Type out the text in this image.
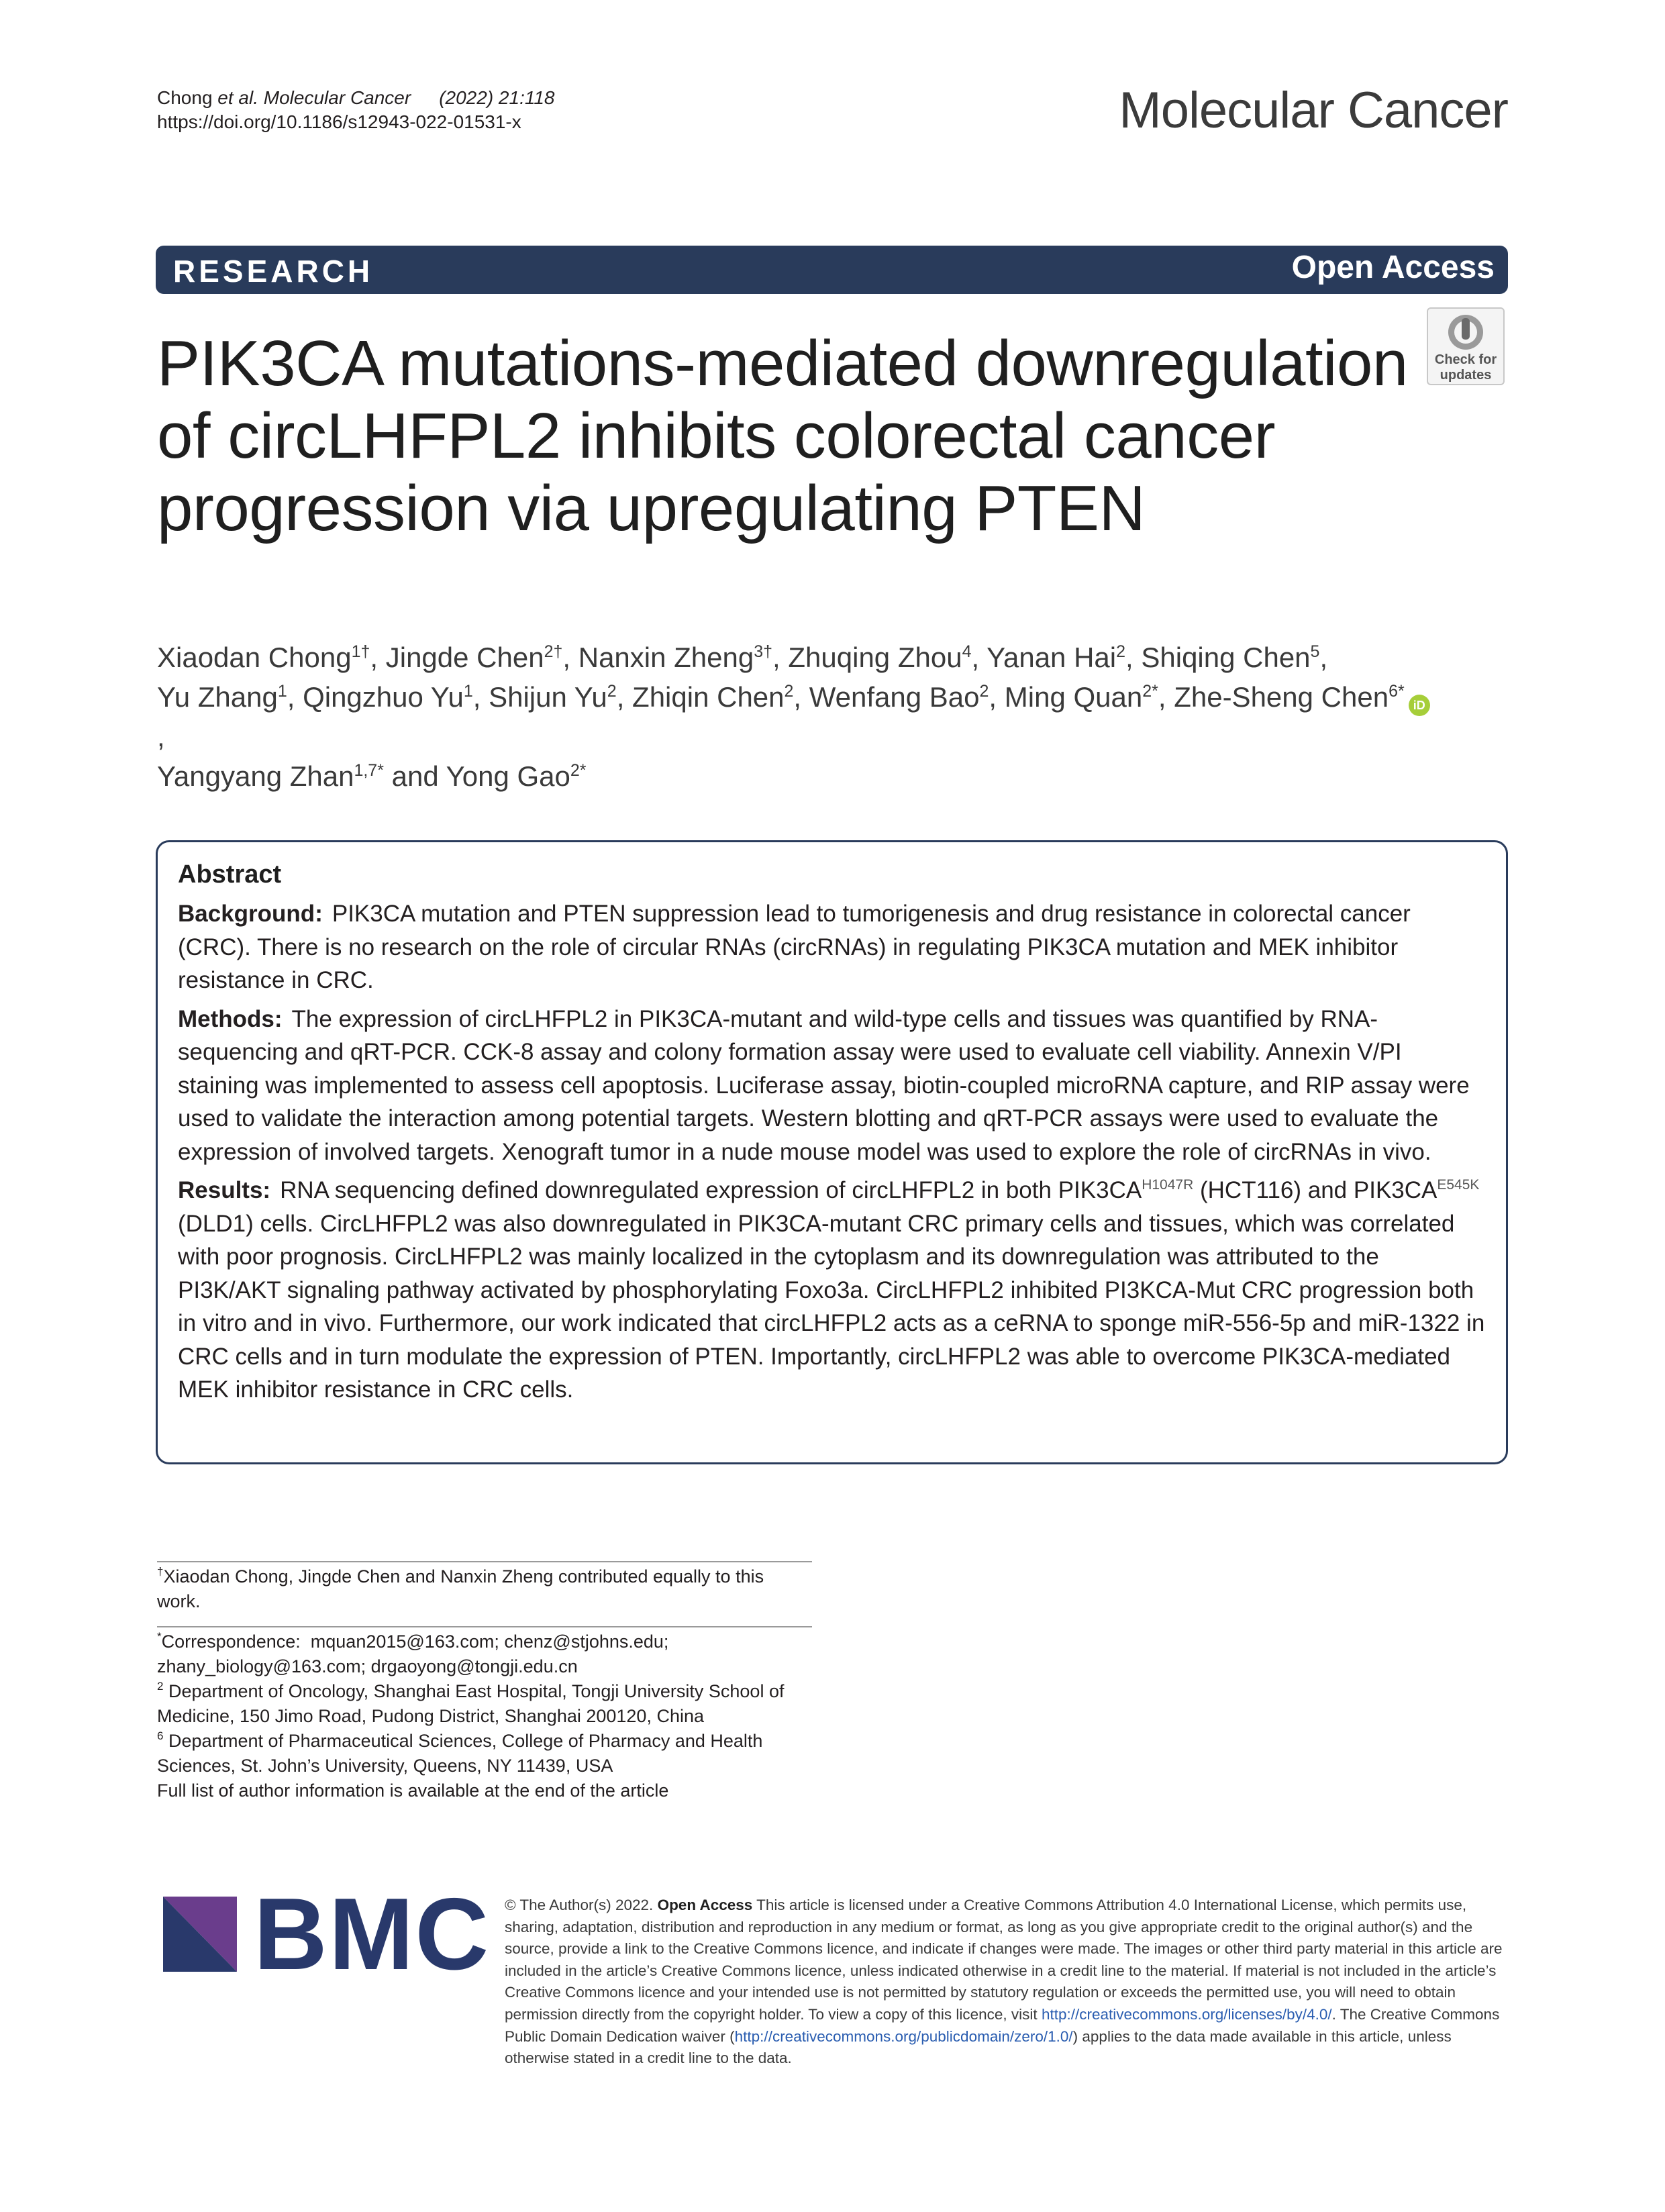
Chong et al. Molecular Cancer (2022) 21:118
https://doi.org/10.1186/s12943-022-01531-x	Molecular Cancer
RESEARCH	Open Access
Check for
updates
PIK3CA mutations-mediated downregulation of circLHFPL2 inhibits colorectal cancer progression via upregulating PTEN
Xiaodan Chong$^{1\dagger}$, Jingde Chen$^{2\dagger}$, Nanxin Zheng$^{3\dagger}$, Zhuqing Zhou$^4$, Yanan Hai$^2$, Shiqing Chen$^5$,
Yu Zhang$^1$, Qingzhuo Yu$^1$, Shijun Yu$^2$, Zhiqin Chen$^2$, Wenfang Bao$^2$, Ming Quan$^{2*}$, Zhe-Sheng Chen$^{6*}$iD,
Yangyang Zhan$^{1,7*}$ and Yong Gao$^{2*}$
Abstract
Background: PIK3CA mutation and PTEN suppression lead to tumorigenesis and drug resistance in colorectal cancer (CRC). There is no research on the role of circular RNAs (circRNAs) in regulating PIK3CA mutation and MEK inhibitor resistance in CRC.
Methods: The expression of circLHFPL2 in PIK3CA-mutant and wild-type cells and tissues was quantified by RNA-sequencing and qRT-PCR. CCK-8 assay and colony formation assay were used to evaluate cell viability. Annexin V/PI staining was implemented to assess cell apoptosis. Luciferase assay, biotin-coupled microRNA capture, and RIP assay were used to validate the interaction among potential targets. Western blotting and qRT-PCR assays were used to evaluate the expression of involved targets. Xenograft tumor in a nude mouse model was used to explore the role of circRNAs in vivo.
Results: RNA sequencing defined downregulated expression of circLHFPL2 in both $PIK3CA^{H1047R}$ (HCT116) and $PIK3CA^{E545K}$ (DLD1) cells. CircLHFPL2 was also downregulated in PIK3CA-mutant CRC primary cells and tissues, which was correlated with poor prognosis. CircLHFPL2 was mainly localized in the cytoplasm and its downregulation was attributed to the PI3K/AKT signaling pathway activated by phosphorylating Foxo3a. CircLHFPL2 inhibited PI3KCA-Mut CRC progression both in vitro and in vivo. Furthermore, our work indicated that circLHFPL2 acts as a ceRNA to sponge miR-556-5p and miR-1322 in CRC cells and in turn modulate the expression of PTEN. Importantly, circLHFPL2 was able to overcome PIK3CA-mediated MEK inhibitor resistance in CRC cells.
†Xiaodan Chong, Jingde Chen and Nanxin Zheng contributed equally to this work.
*Correspondence: mquan2015@163.com; chenz@stjohns.edu; zhany_biology@163.com; drgaoyong@tongji.edu.cn
$^2$ Department of Oncology, Shanghai East Hospital, Tongji University School of Medicine, 150 Jimo Road, Pudong District, Shanghai 200120, China
$^6$ Department of Pharmaceutical Sciences, College of Pharmacy and Health Sciences, St. John’s University, Queens, NY 11439, USA
Full list of author information is available at the end of the article
BMC © The Author(s) 2022. Open Access This article is licensed under a Creative Commons Attribution 4.0 International License, which permits use, sharing, adaptation, distribution and reproduction in any medium or format, as long as you give appropriate credit to the original author(s) and the source, provide a link to the Creative Commons licence, and indicate if changes were made. The images or other third party material in this article are included in the article’s Creative Commons licence, unless indicated otherwise in a credit line to the material. If material is not included in the article’s Creative Commons licence and your intended use is not permitted by statutory regulation or exceeds the permitted use, you will need to obtain permission directly from the copyright holder. To view a copy of this licence, visit http://creativecommons.org/licenses/by/4.0/. The Creative Commons Public Domain Dedication waiver (http://creativecommons.org/publicdomain/zero/1.0/) applies to the data made available in this article, unless otherwise stated in a credit line to the data.
